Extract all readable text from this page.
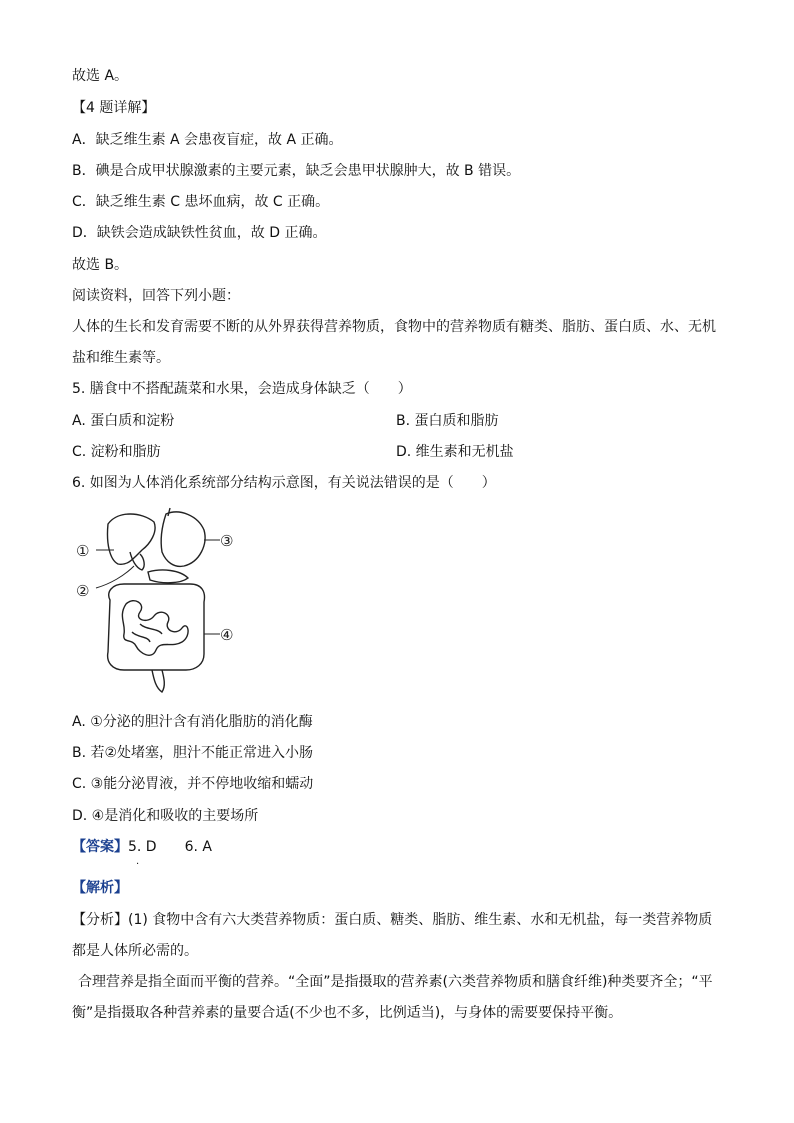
故选 A。
【4 题详解】
A．缺乏维生素 A 会患夜盲症，故 A 正确。
B．碘是合成甲状腺激素的主要元素，缺乏会患甲状腺肿大，故 B 错误。
C．缺乏维生素 C 患坏血病，故 C 正确。
D．缺铁会造成缺铁性贫血，故 D 正确。
故选 B。
阅读资料，回答下列小题：
人体的生长和发育需要不断的从外界获得营养物质，食物中的营养物质有糖类、脂肪、蛋白质、水、无机
盐和维生素等。
5. 膳食中不搭配蔬菜和水果，会造成身体缺乏（　　）
A. 蛋白质和淀粉	B. 蛋白质和脂肪
C. 淀粉和脂肪	D. 维生素和无机盐
6. 如图为人体消化系统部分结构示意图，有关说法错误的是（　　）
①
②
③
④
A. ①分泌的胆汁含有消化脂肪的消化酶
B. 若②处堵塞，胆汁不能正常进入小肠
C. ③能分泌胃液，并不停地收缩和蠕动
D. ④是消化和吸收的主要场所
【答案】5. D　　6. A
.
【解析】
【分析】(1) 食物中含有六大类营养物质：蛋白质、糖类、脂肪、维生素、水和无机盐，每一类营养物质
都是人体所必需的。
合理营养是指全面而平衡的营养。“全面”是指摄取的营养素(六类营养物质和膳食纤维)种类要齐全；“平
衡”是指摄取各种营养素的量要合适(不少也不多，比例适当)，与身体的需要要保持平衡。
